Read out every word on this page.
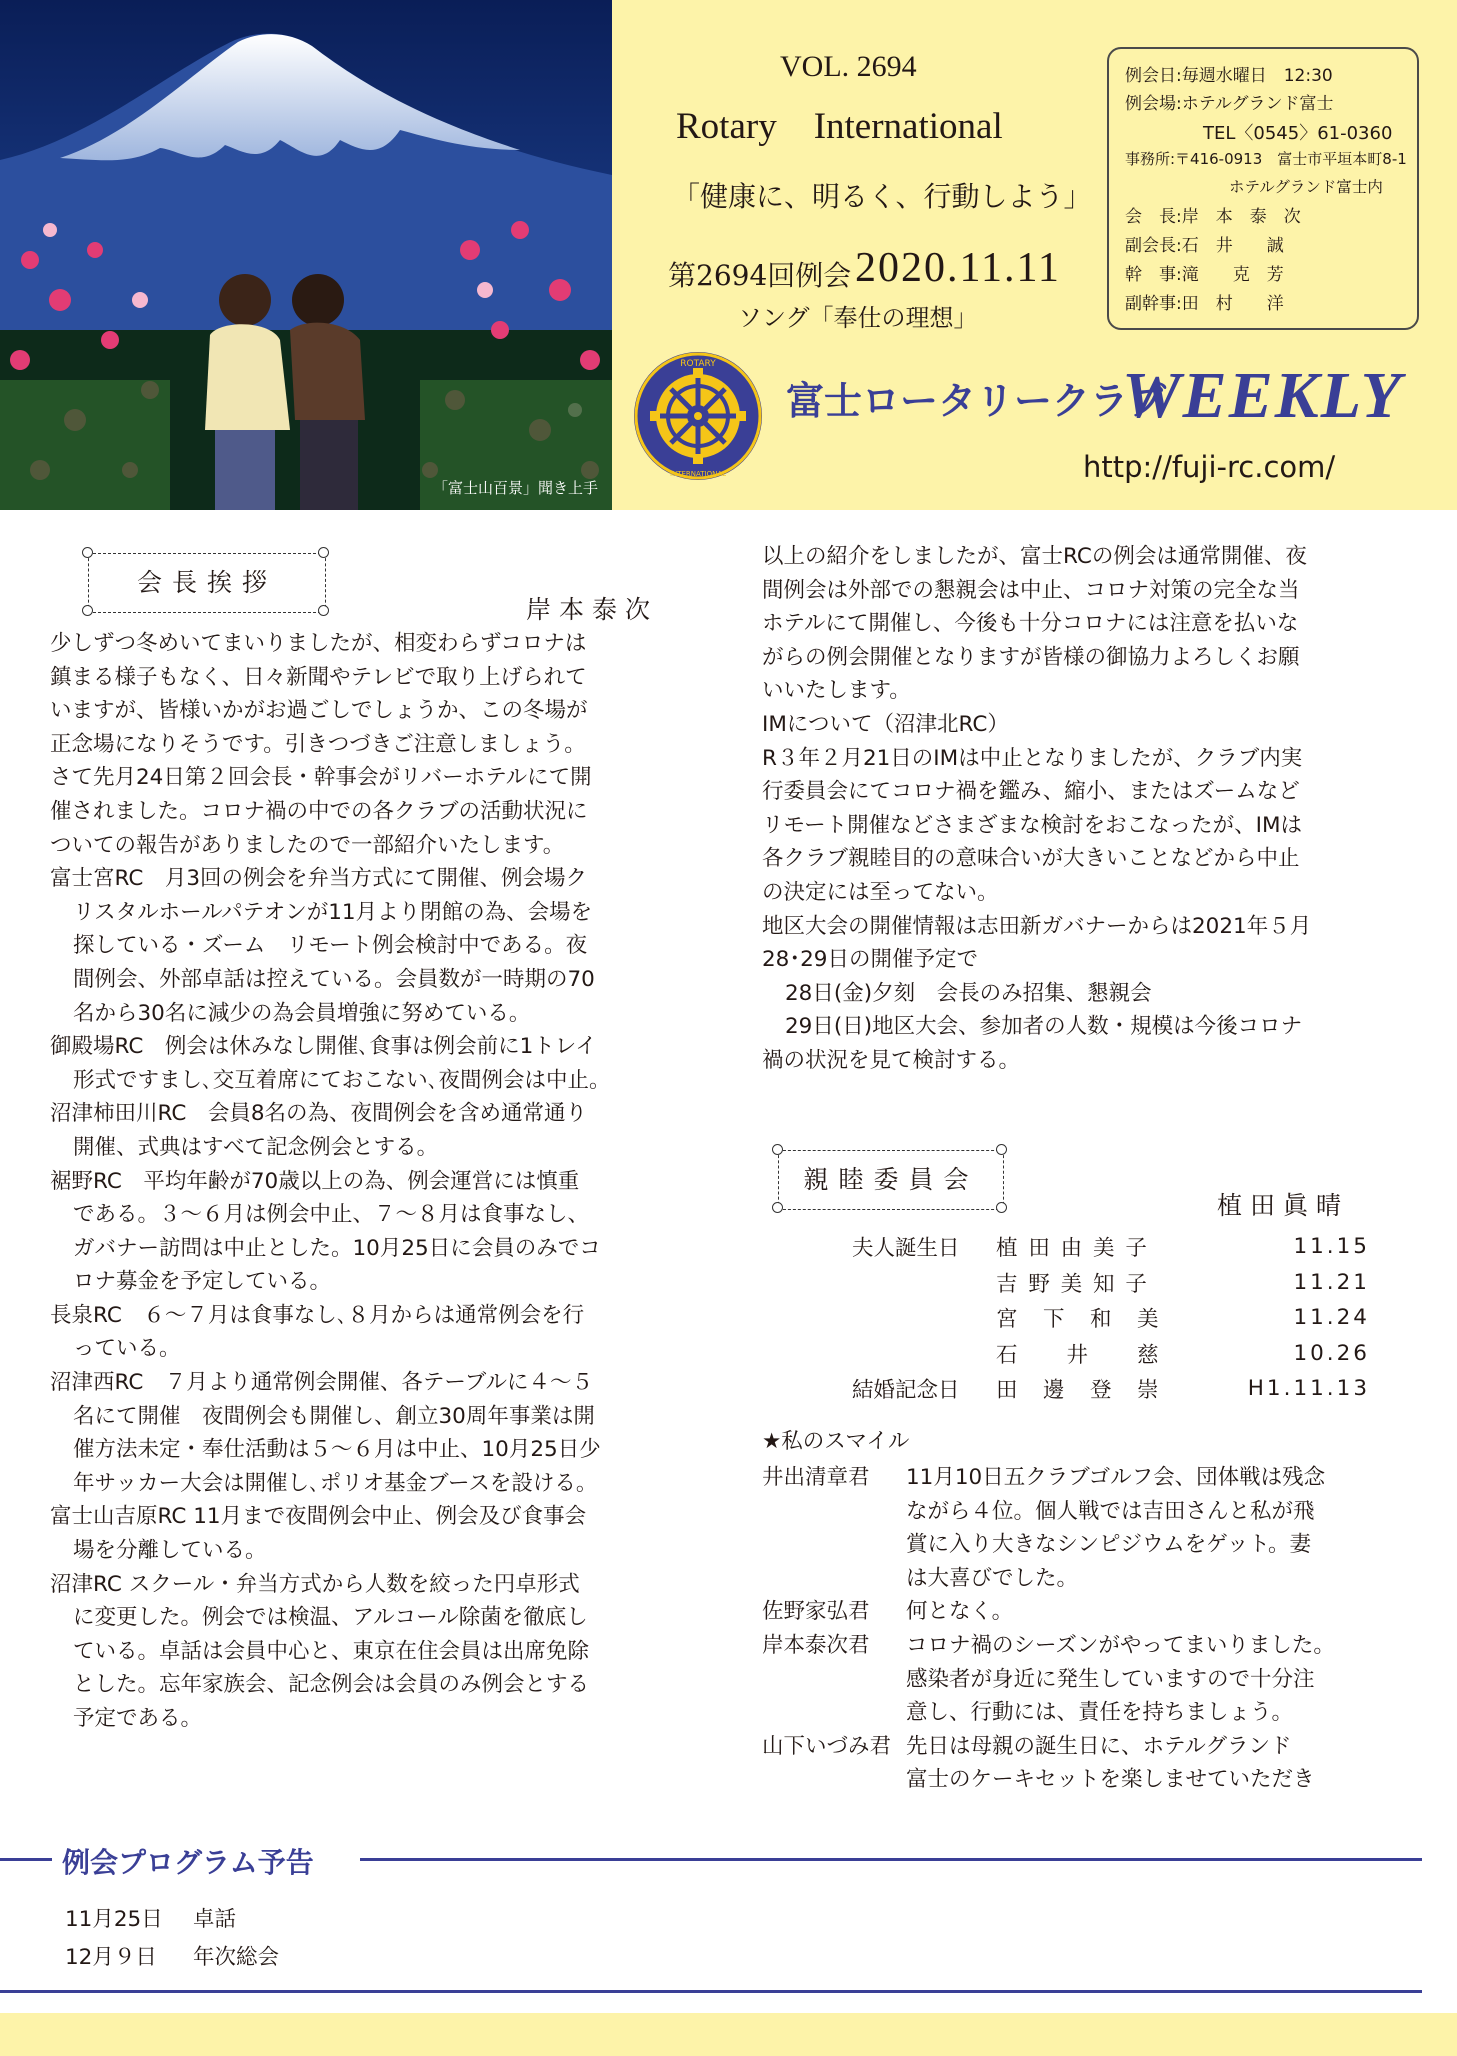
「富士山百景」聞き上手
VOL. 2694
Rotary　International
「健康に、明るく、行動しよう」
第2694回例会 2020.11.11
ソング「奉仕の理想」
例会日:毎週水曜日　12:30
例会場:ホテルグランド富士
TEL〈0545〉61-0360
事務所:〒416-0913　富士市平垣本町8-1
ホテルグランド富士内
会　長:岸　本　泰　次
副会長:石　井　　誠
幹　事:滝　　克　芳
副幹事:田　村　　洋
ROTARY
INTERNATIONAL
富士ロータリークラブ
WEEKLY
http://fuji-rc.com/
会長挨拶
岸本泰次

少しずつ冬めいてまいりましたが、相変わらずコロナは

鎮まる様子もなく、日々新聞やテレビで取り上げられて

いますが、皆様いかがお過ごしでしょうか、この冬場が

正念場になりそうです。引きつづきご注意しましょう。

さて先月24日第２回会長・幹事会がリバーホテルにて開

催されました。コロナ禍の中での各クラブの活動状況に

ついての報告がありましたので一部紹介いたします。

富士宮RC　月3回の例会を弁当方式にて開催、例会場ク

リスタルホールパテオンが11月より閉館の為、会場を

探している・ズーム　リモート例会検討中である。夜

間例会、外部卓話は控えている。会員数が一時期の70

名から30名に減少の為会員増強に努めている。

御殿場RC　例会は休みなし開催､食事は例会前に1トレイ

形式ですまし､交互着席にておこない､夜間例会は中止。

沼津柿田川RC　会員8名の為、夜間例会を含め通常通り

開催、式典はすべて記念例会とする。

裾野RC　平均年齢が70歳以上の為、例会運営には慎重

である。３～６月は例会中止、７～８月は食事なし、

ガバナー訪問は中止とした。10月25日に会員のみでコ

ロナ募金を予定している。

長泉RC　６～７月は食事なし､８月からは通常例会を行

っている。

沼津西RC　７月より通常例会開催、各テーブルに４～５

名にて開催　夜間例会も開催し、創立30周年事業は開

催方法未定・奉仕活動は５～６月は中止、10月25日少

年サッカー大会は開催し､ポリオ基金ブースを設ける。

富士山吉原RC 11月まで夜間例会中止、例会及び食事会

場を分離している。

沼津RC スクール・弁当方式から人数を絞った円卓形式

に変更した。例会では検温、アルコール除菌を徹底し

ている。卓話は会員中心と、東京在住会員は出席免除

とした。忘年家族会、記念例会は会員のみ例会とする

予定である。

以上の紹介をしましたが、富士RCの例会は通常開催、夜

間例会は外部での懇親会は中止、コロナ対策の完全な当

ホテルにて開催し、今後も十分コロナには注意を払いな

がらの例会開催となりますが皆様の御協力よろしくお願

いいたします。

IMについて（沼津北RC）

R３年２月21日のIMは中止となりましたが、クラブ内実

行委員会にてコロナ禍を鑑み、縮小、またはズームなど

リモート開催などさまざまな検討をおこなったが、IMは

各クラブ親睦目的の意味合いが大きいことなどから中止

の決定には至ってない。

地区大会の開催情報は志田新ガバナーからは2021年５月

28･29日の開催予定で

28日(金)夕刻　会長のみ招集、懇親会

29日(日)地区大会、参加者の人数・規模は今後コロナ

禍の状況を見て検討する。

親睦委員会
植田眞晴
夫人誕生日	植 田 由 美 子	11.15
	吉 野 美 知 子	11.21
	宮　下　和　美	11.24
	石　　井　　慈	10.26
結婚記念日	田　邊　登　崇	H1.11.13
★私のスマイル
井出清章君	11月10日五クラブゴルフ会、団体戦は残念

ながら４位。個人戦では吉田さんと私が飛

賞に入り大きなシンピジウムをゲット。妻

は大喜びでした。

佐野家弘君	何となく。

岸本泰次君	コロナ禍のシーズンがやってまいりました。

感染者が身近に発生していますので十分注

意し、行動には、責任を持ちましょう。

山下いづみ君 先日は母親の誕生日に、ホテルグランド

富士のケーキセットを楽しませていただき

例会プログラム予告
11月25日 卓話
12月９日 年次総会
